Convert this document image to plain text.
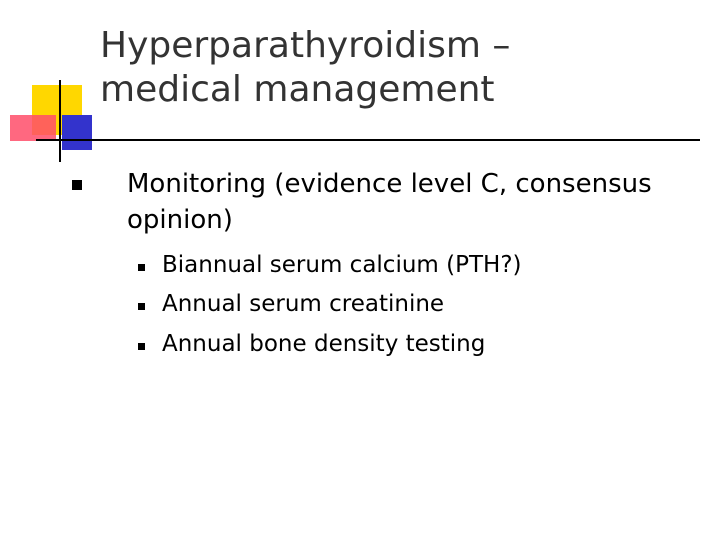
Hyperparathyroidism –
medical management
Monitoring (evidence level C, consensus opinion)
Biannual serum calcium (PTH?)
Annual serum creatinine
Annual bone density testing
